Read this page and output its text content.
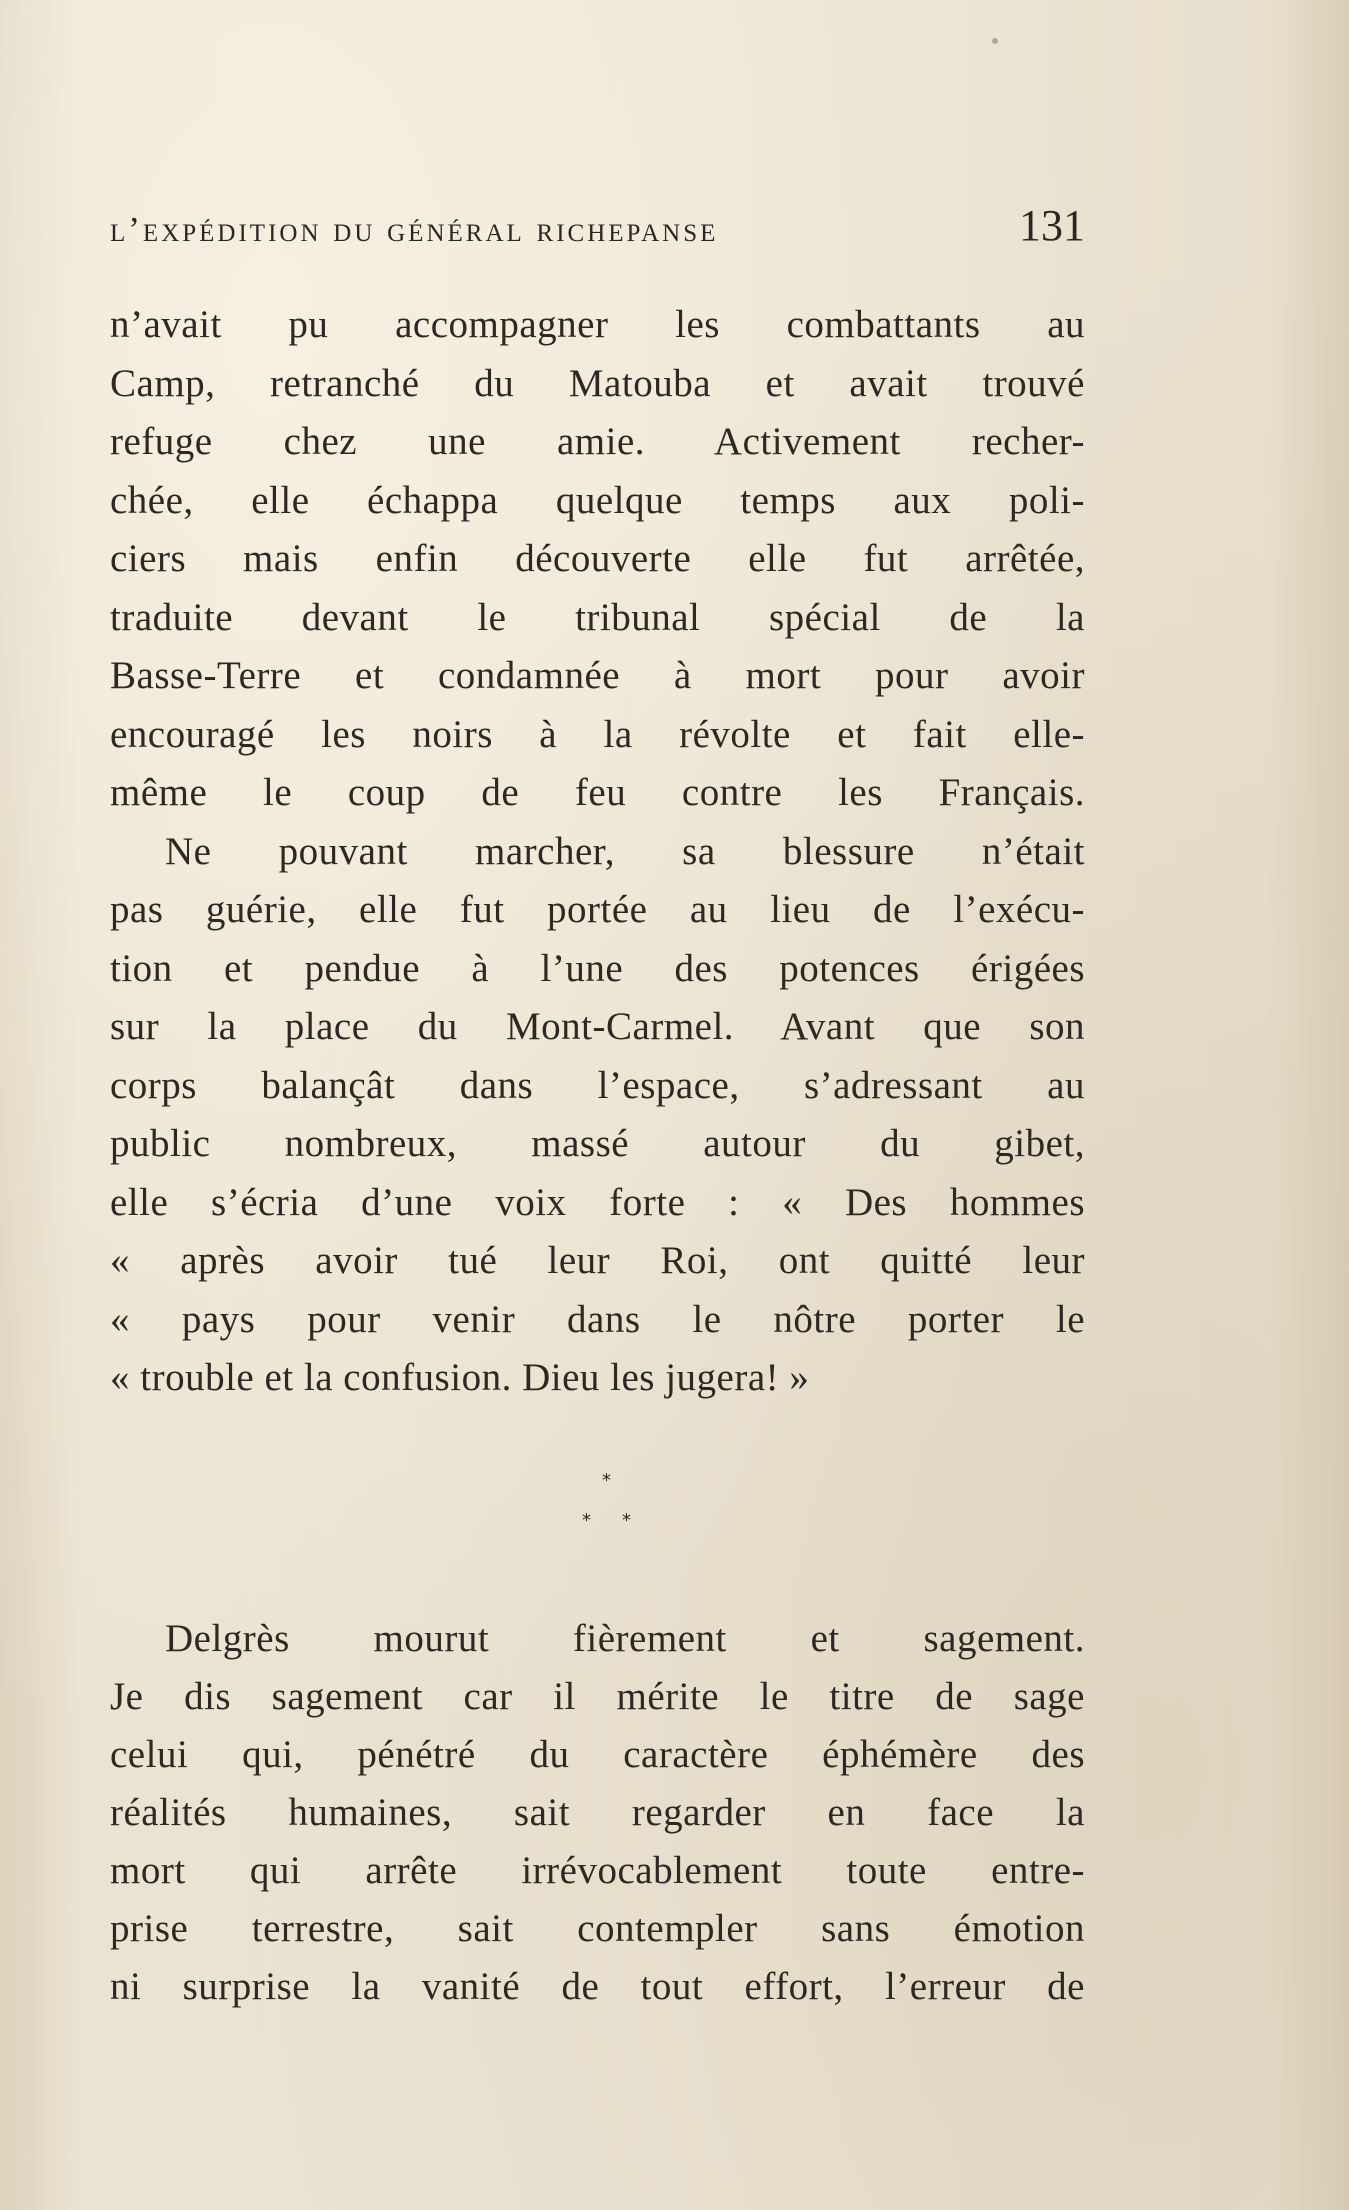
l’expédition du général richepanse	131
n’avait pu accompagner les combattants au
Camp, retranché du Matouba et avait trouvé
refuge chez une amie. Activement recher-
chée, elle échappa quelque temps aux poli-
ciers mais enfin découverte elle fut arrêtée,
traduite devant le tribunal spécial de la
Basse-Terre et condamnée à mort pour avoir
encouragé les noirs à la révolte et fait elle-
même le coup de feu contre les Français.
Ne pouvant marcher, sa blessure n’était
pas guérie, elle fut portée au lieu de l’exécu-
tion et pendue à l’une des potences érigées
sur la place du Mont-Carmel. Avant que son
corps balançât dans l’espace, s’adressant au
public nombreux, massé autour du gibet,
elle s’écria d’une voix forte : « Des hommes
« après avoir tué leur Roi, ont quitté leur
« pays pour venir dans le nôtre porter le
« trouble et la confusion. Dieu les jugera! »
*
* *
Delgrès mourut fièrement et sagement.
Je dis sagement car il mérite le titre de sage
celui qui, pénétré du caractère éphémère des
réalités humaines, sait regarder en face la
mort qui arrête irrévocablement toute entre-
prise terrestre, sait contempler sans émotion
ni surprise la vanité de tout effort, l’erreur de
